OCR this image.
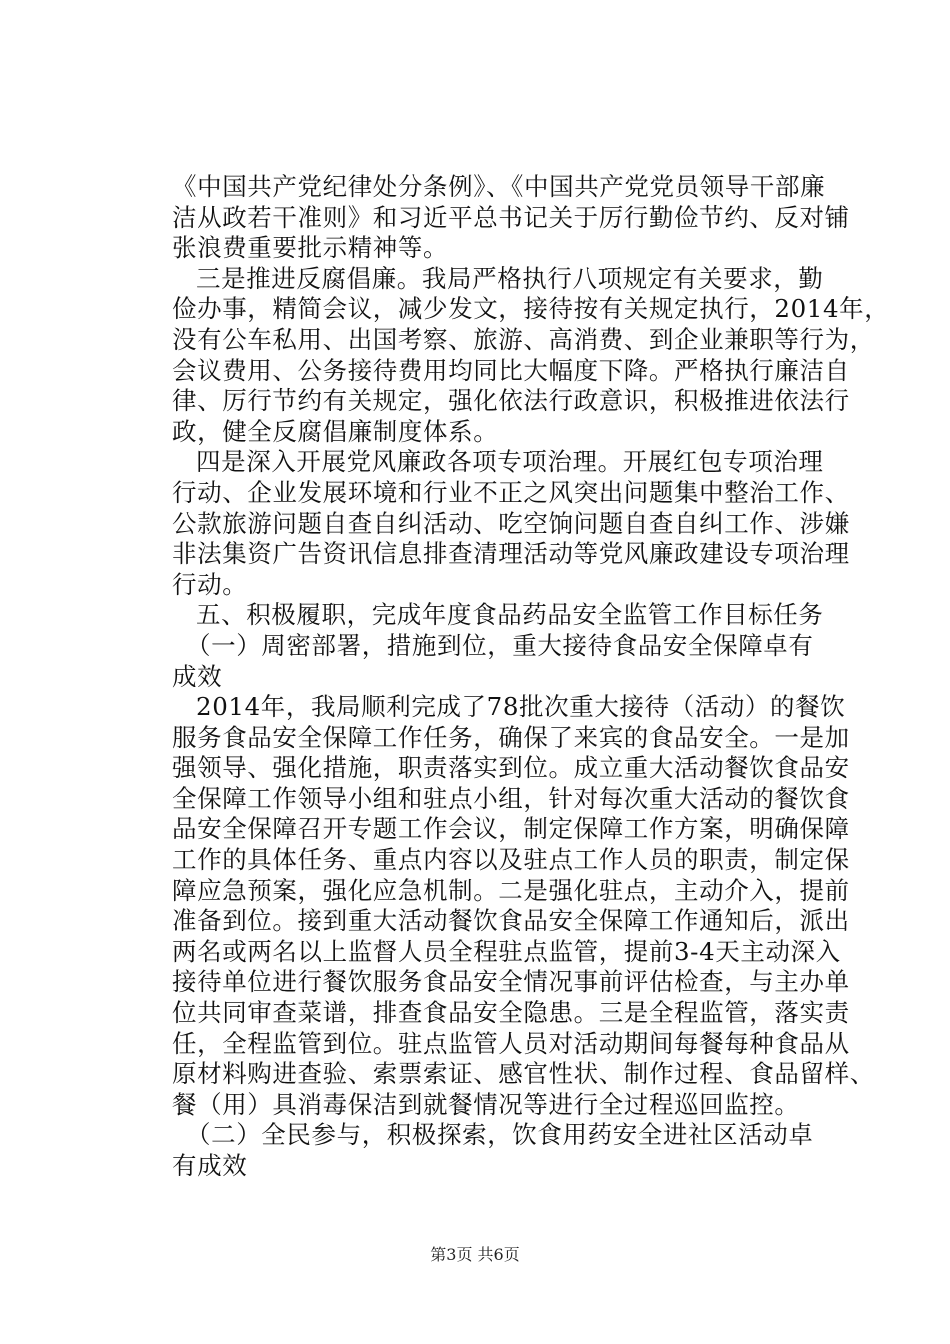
《中国共产党纪律处分条例》、《中国共产党党员领导干部廉
洁从政若干准则》和习近平总书记关于厉行勤俭节约、反对铺
张浪费重要批示精神等。
三是推进反腐倡廉。我局严格执行八项规定有关要求，勤
俭办事，精简会议，减少发文，接待按有关规定执行，2014年，
没有公车私用、出国考察、旅游、高消费、到企业兼职等行为，
会议费用、公务接待费用均同比大幅度下降。严格执行廉洁自
律、厉行节约有关规定，强化依法行政意识，积极推进依法行
政，健全反腐倡廉制度体系。
四是深入开展党风廉政各项专项治理。开展红包专项治理
行动、企业发展环境和行业不正之风突出问题集中整治工作、
公款旅游问题自查自纠活动、吃空饷问题自查自纠工作、涉嫌
非法集资广告资讯信息排查清理活动等党风廉政建设专项治理
行动。
五、积极履职，完成年度食品药品安全监管工作目标任务
（一）周密部署，措施到位，重大接待食品安全保障卓有
成效
2014年，我局顺利完成了78批次重大接待（活动）的餐饮
服务食品安全保障工作任务，确保了来宾的食品安全。一是加
强领导、强化措施，职责落实到位。成立重大活动餐饮食品安
全保障工作领导小组和驻点小组，针对每次重大活动的餐饮食
品安全保障召开专题工作会议，制定保障工作方案，明确保障
工作的具体任务、重点内容以及驻点工作人员的职责，制定保
障应急预案，强化应急机制。二是强化驻点，主动介入，提前
准备到位。接到重大活动餐饮食品安全保障工作通知后，派出
两名或两名以上监督人员全程驻点监管，提前3-4天主动深入
接待单位进行餐饮服务食品安全情况事前评估检查，与主办单
位共同审查菜谱，排查食品安全隐患。三是全程监管，落实责
任，全程监管到位。驻点监管人员对活动期间每餐每种食品从
原材料购进查验、索票索证、感官性状、制作过程、食品留样、
餐（用）具消毒保洁到就餐情况等进行全过程巡回监控。
（二）全民参与，积极探索，饮食用药安全进社区活动卓
有成效
第3页 共6页
